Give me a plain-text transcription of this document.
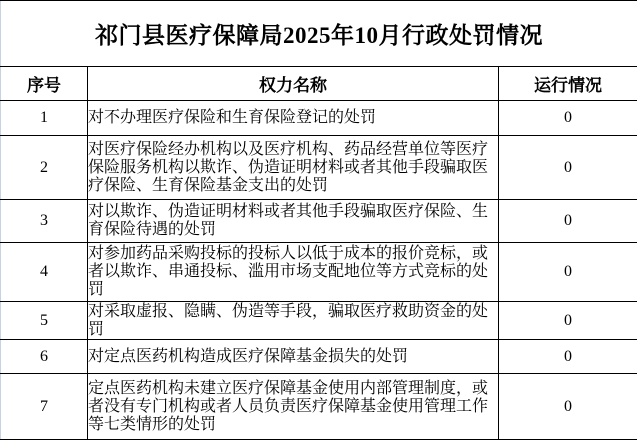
祁门县医疗保障局2025年10月行政处罚情况		
序号	权力名称	运行情况
1	对不办理医疗保险和生育保险登记的处罚	0
2	对医疗保险经办机构以及医疗机构、药品经营单位等医疗保险服务机构以欺诈、伪造证明材料或者其他手段骗取医疗保险、生育保险基金支出的处罚	0
3	对以欺诈、伪造证明材料或者其他手段骗取医疗保险、生育保险待遇的处罚	0
4	对参加药品采购投标的投标人以低于成本的报价竞标，或者以欺诈、串通投标、滥用市场支配地位等方式竞标的处罚	0
5	对采取虚报、隐瞒、伪造等手段，骗取医疗救助资金的处罚	0
6	对定点医药机构造成医疗保障基金损失的处罚	0
7	定点医药机构未建立医疗保障基金使用内部管理制度，或者没有专门机构或者人员负责医疗保障基金使用管理工作等七类情形的处罚	0
